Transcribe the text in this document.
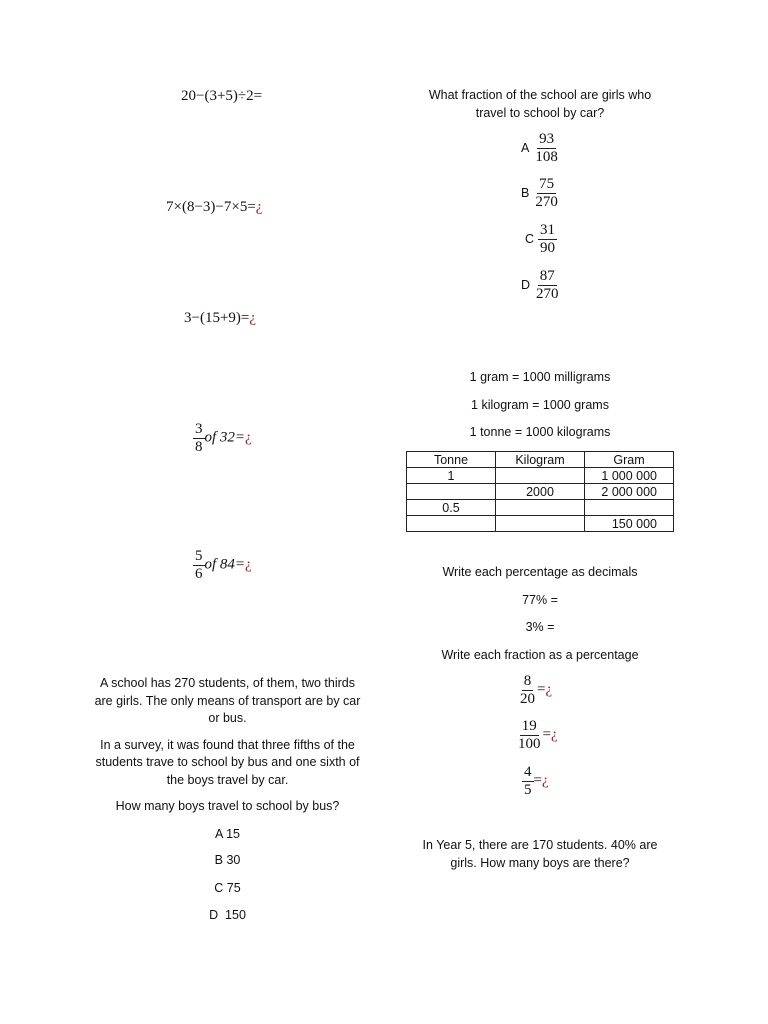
20−(3+5)÷2=
7×(8−3)−7×5=¿
3−(15+9)=¿
$\frac{3}{8}$ of 32=¿
$\frac{5}{6}$ of 84=¿

A school has 270 students, of them, two thirds are girls. The only means of transport are by car or bus.

In a survey, it was found that three fifths of the students trave to school by bus and one sixth of the boys travel by car.

How many boys travel to school by bus?

A 15

B 30

C 75

D  150

What fraction of the school are girls who travel to school by car?

A $\frac{93}{108}$
B $\frac{75}{270}$
C $\frac{31}{90}$
D $\frac{87}{270}$

1 gram = 1000 milligrams

1 kilogram = 1000 grams

1 tonne = 1000 kilograms

Tonne	Kilogram	Gram
1		1 000 000
	2000	2 000 000
0.5		
		150 000

Write each percentage as decimals

77% =

3% =

Write each fraction as a percentage

$\frac{8}{20}$ =¿
$\frac{19}{100}$ =¿
$\frac{4}{5}$ =¿

In Year 5, there are 170 students. 40% are girls. How many boys are there?
